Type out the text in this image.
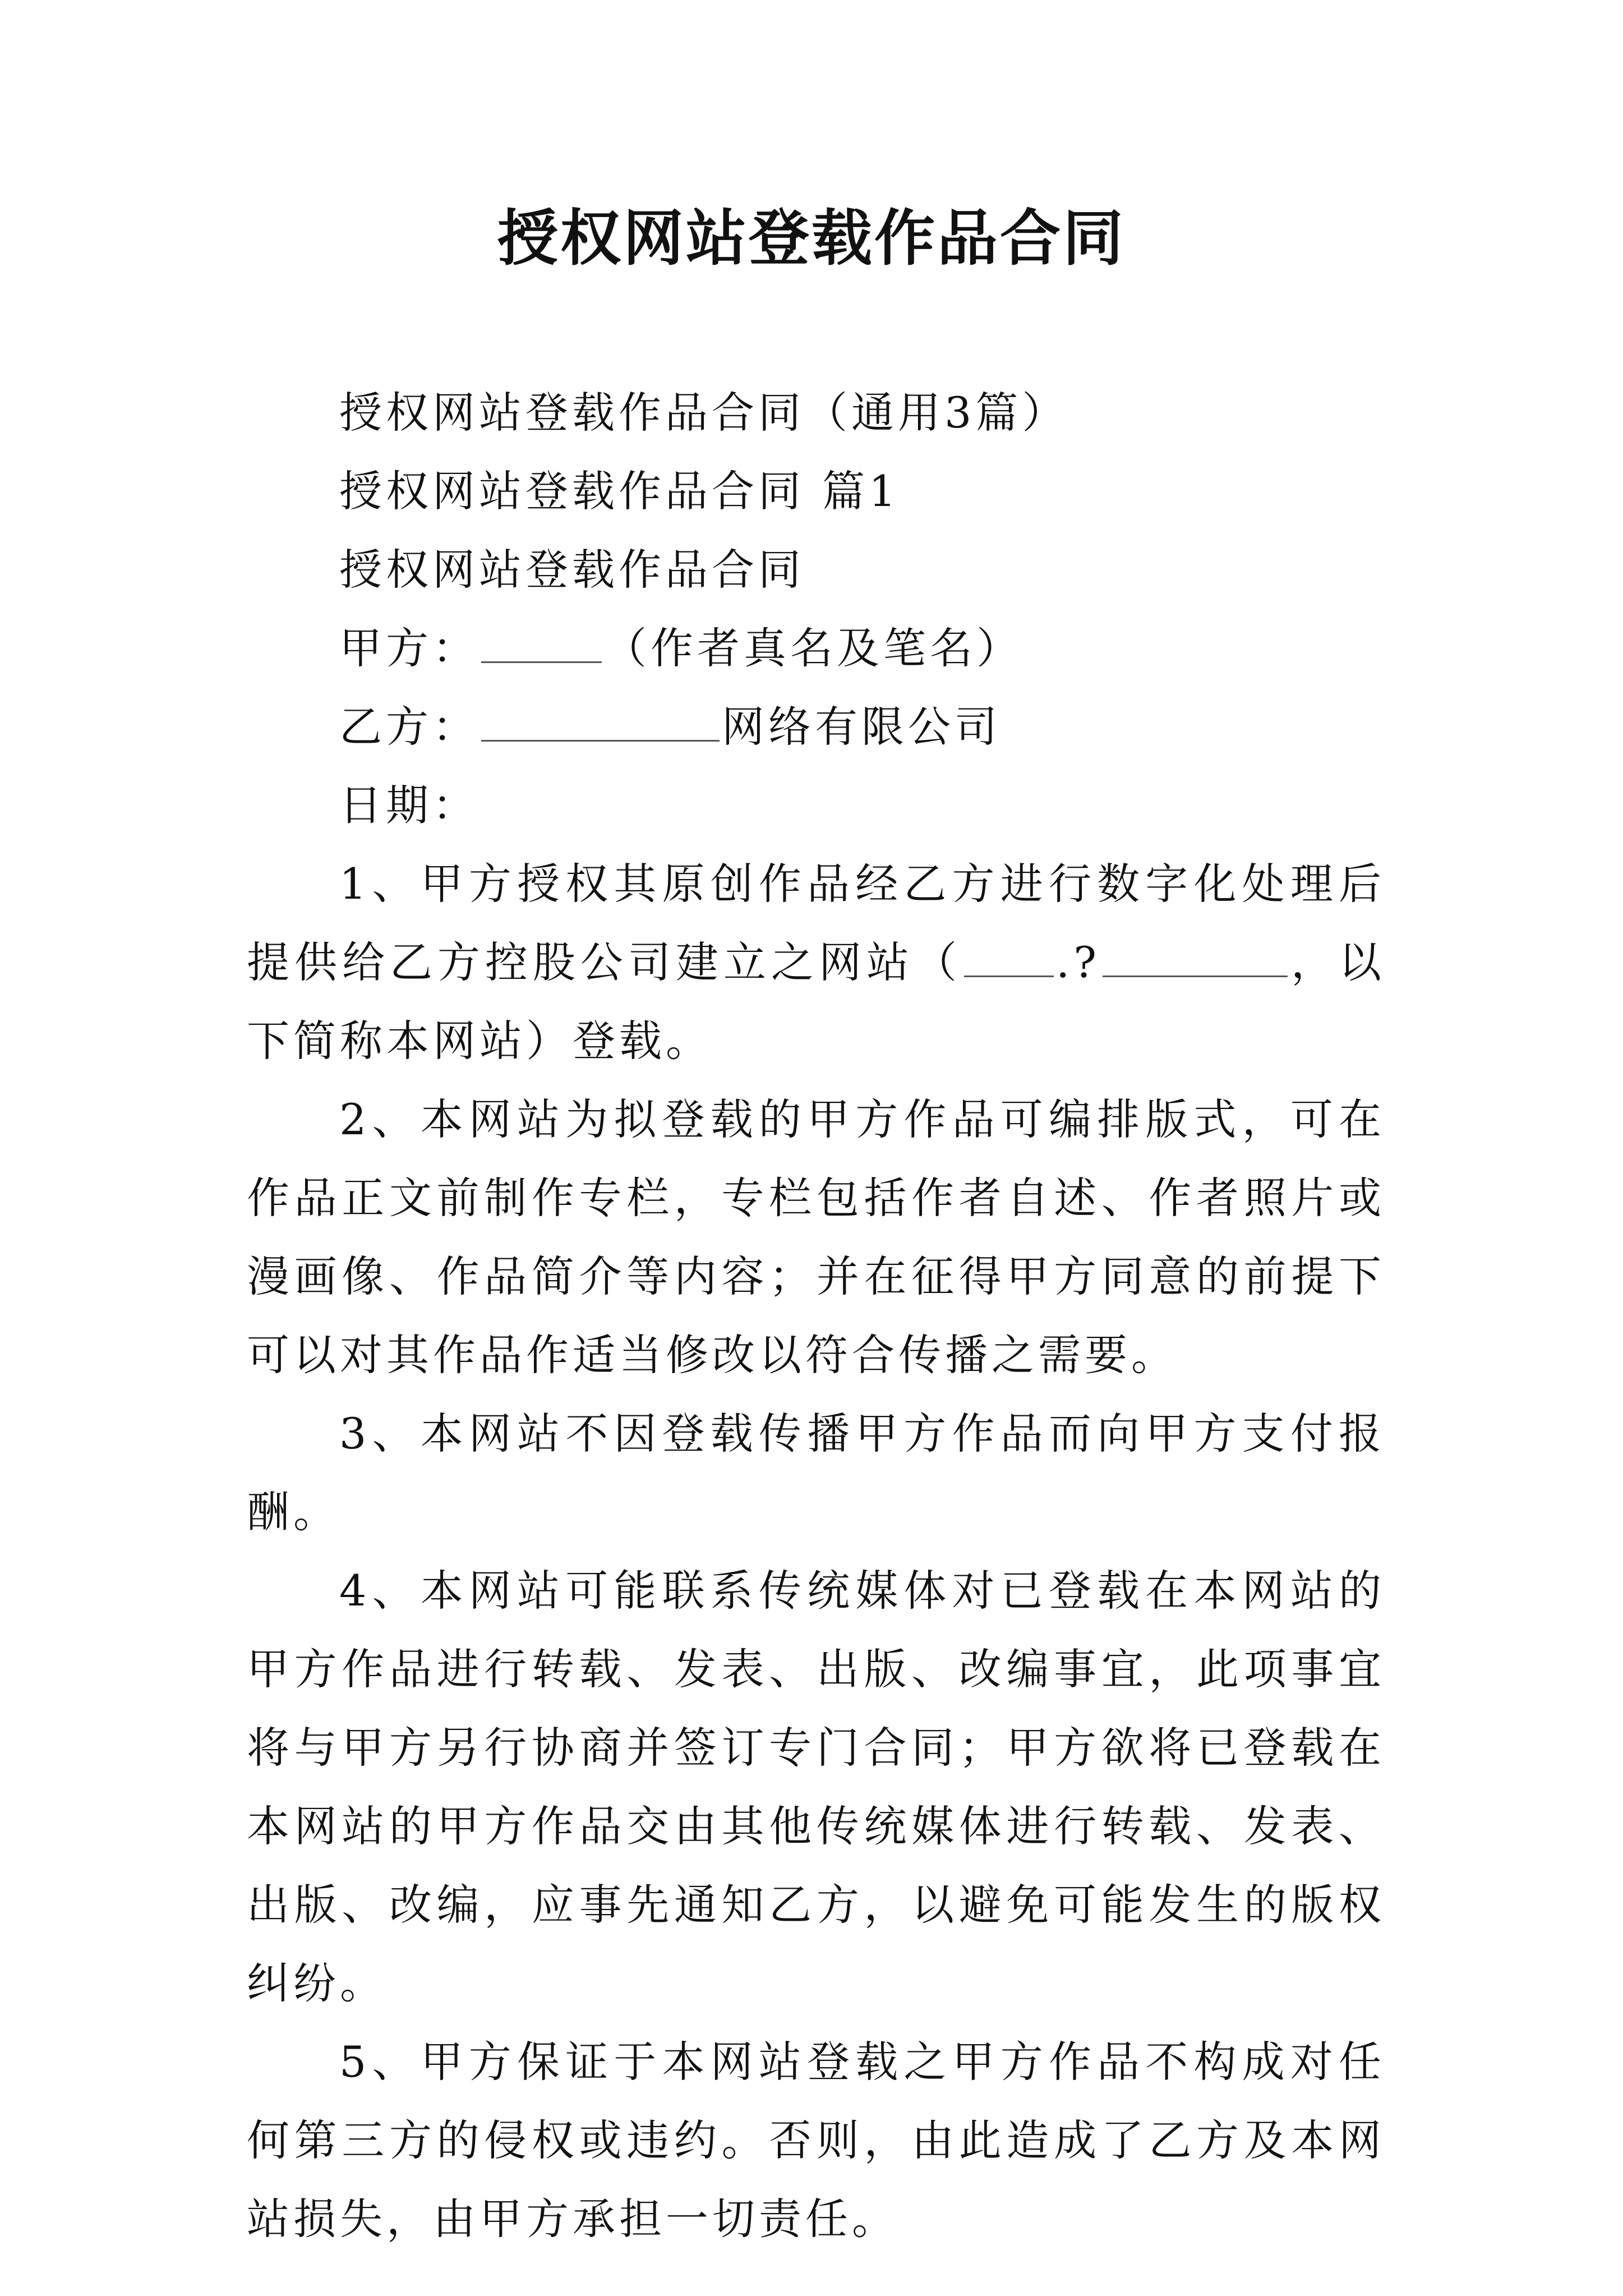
授权网站登载作品合同

授权网站登载作品合同（通用3篇）

授权网站登载作品合同 篇1

授权网站登载作品合同

甲方：	（作者真名及笔名）

乙方：	网络有限公司

日期：

1、甲方授权其原创作品经乙方进行数字化处理后提供给乙方控股公司建立之网站（ .?	，以下简称本网站）登载。

2、本网站为拟登载的甲方作品可编排版式，可在作品正文前制作专栏，专栏包括作者自述、作者照片或漫画像、作品简介等内容；并在征得甲方同意的前提下可以对其作品作适当修改以符合传播之需要。

3、本网站不因登载传播甲方作品而向甲方支付报酬。

4、本网站可能联系传统媒体对已登载在本网站的甲方作品进行转载、发表、出版、改编事宜，此项事宜将与甲方另行协商并签订专门合同；甲方欲将已登载在本网站的甲方作品交由其他传统媒体进行转载、发表、出版、改编，应事先通知乙方，以避免可能发生的版权纠纷。

5、甲方保证于本网站登载之甲方作品不构成对任何第三方的侵权或违约。否则，由此造成了乙方及本网站损失，由甲方承担一切责任。
